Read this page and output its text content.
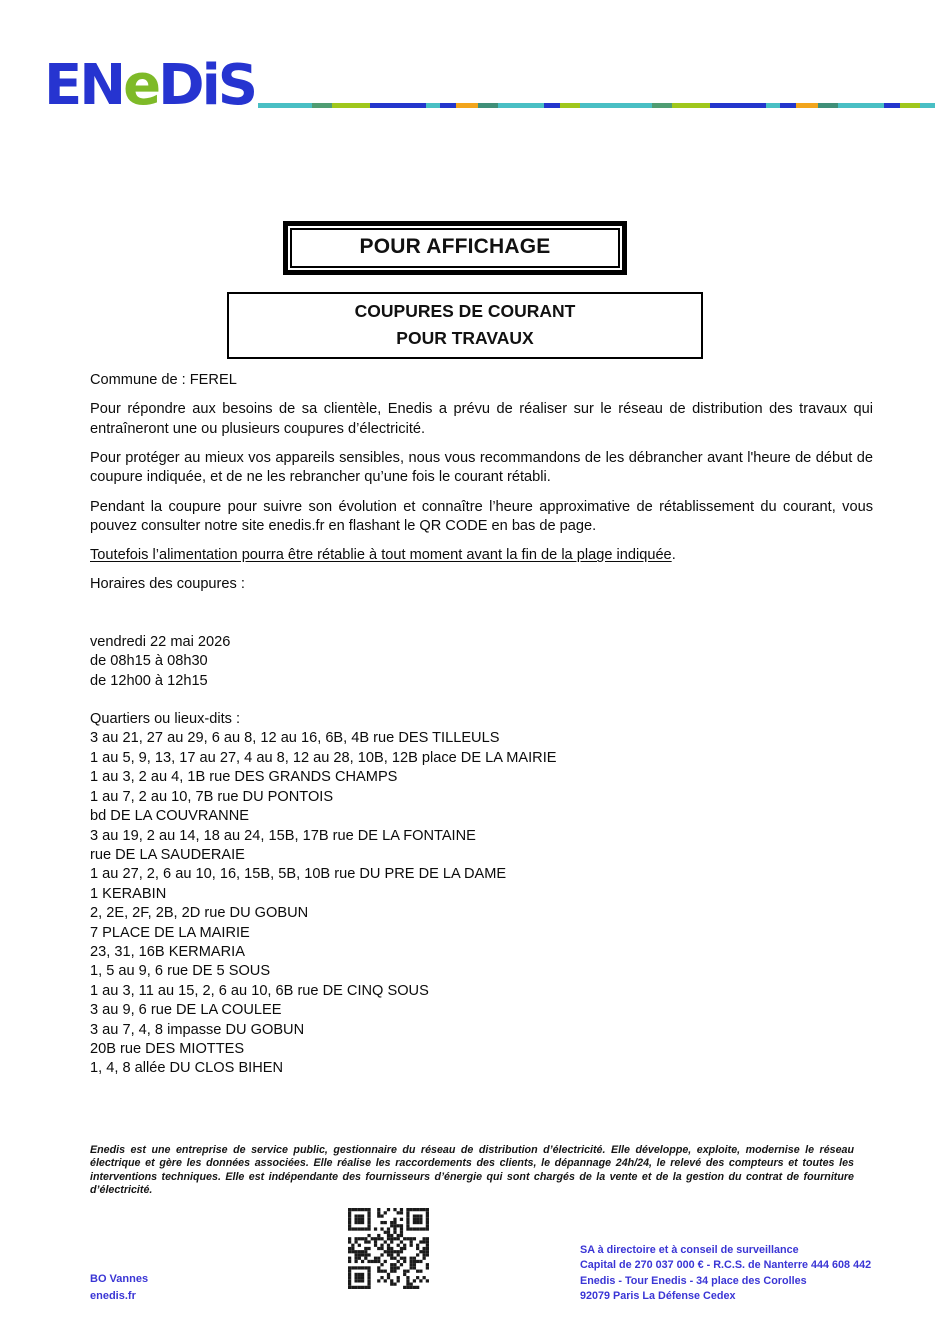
ENeDiS
POUR AFFICHAGE
COUPURES DE COURANT
POUR TRAVAUX

Commune de : FEREL

Pour répondre aux besoins de sa clientèle, Enedis a prévu de réaliser sur le réseau de distribution des travaux qui entraîneront une ou plusieurs coupures d’électricité.

Pour protéger au mieux vos appareils sensibles, nous vous recommandons de les débrancher avant l'heure de début de coupure indiquée, et de ne les rebrancher qu’une fois le courant rétabli.

Pendant la coupure pour suivre son évolution et connaître l’heure approximative de rétablissement du courant, vous pouvez consulter notre site enedis.fr en flashant le QR CODE en bas de page.

Toutefois l’alimentation pourra être rétablie à tout moment avant la fin de la plage indiquée.

Horaires des coupures :

vendredi 22 mai 2026
de 08h15 à 08h30
de 12h00 à 12h15
Quartiers ou lieux-dits :
3 au 21, 27 au 29, 6 au 8, 12 au 16, 6B, 4B rue DES TILLEULS
1 au 5, 9, 13, 17 au 27, 4 au 8, 12 au 28, 10B, 12B place DE LA MAIRIE
1 au 3, 2 au 4, 1B rue DES GRANDS CHAMPS
1 au 7, 2 au 10, 7B rue DU PONTOIS
bd DE LA COUVRANNE
3 au 19, 2 au 14, 18 au 24, 15B, 17B rue DE LA FONTAINE
rue DE LA SAUDERAIE
1 au 27, 2, 6 au 10, 16, 15B, 5B, 10B rue DU PRE DE LA DAME
1 KERABIN
2, 2E, 2F, 2B, 2D rue DU GOBUN
7 PLACE DE LA MAIRIE
23, 31, 16B KERMARIA
1, 5 au 9, 6 rue DE 5 SOUS
1 au 3, 11 au 15, 2, 6 au 10, 6B rue DE CINQ SOUS
3 au 9, 6 rue DE LA COULEE
3 au 7, 4, 8 impasse DU GOBUN
20B rue DES MIOTTES
1, 4, 8 allée DU CLOS BIHEN
Enedis est une entreprise de service public, gestionnaire du réseau de distribution d’électricité. Elle développe, exploite, modernise le réseau électrique et gère les données associées. Elle réalise les raccordements des clients, le dépannage 24h/24, le relevé des compteurs et toutes les interventions techniques. Elle est indépendante des fournisseurs d’énergie qui sont chargés de la vente et de la gestion du contrat de fourniture d’électricité.
BO Vannes
enedis.fr
SA à directoire et à conseil de surveillance
Capital de 270 037 000 € - R.C.S. de Nanterre 444 608 442
Enedis - Tour Enedis - 34 place des Corolles
92079 Paris La Défense Cedex
